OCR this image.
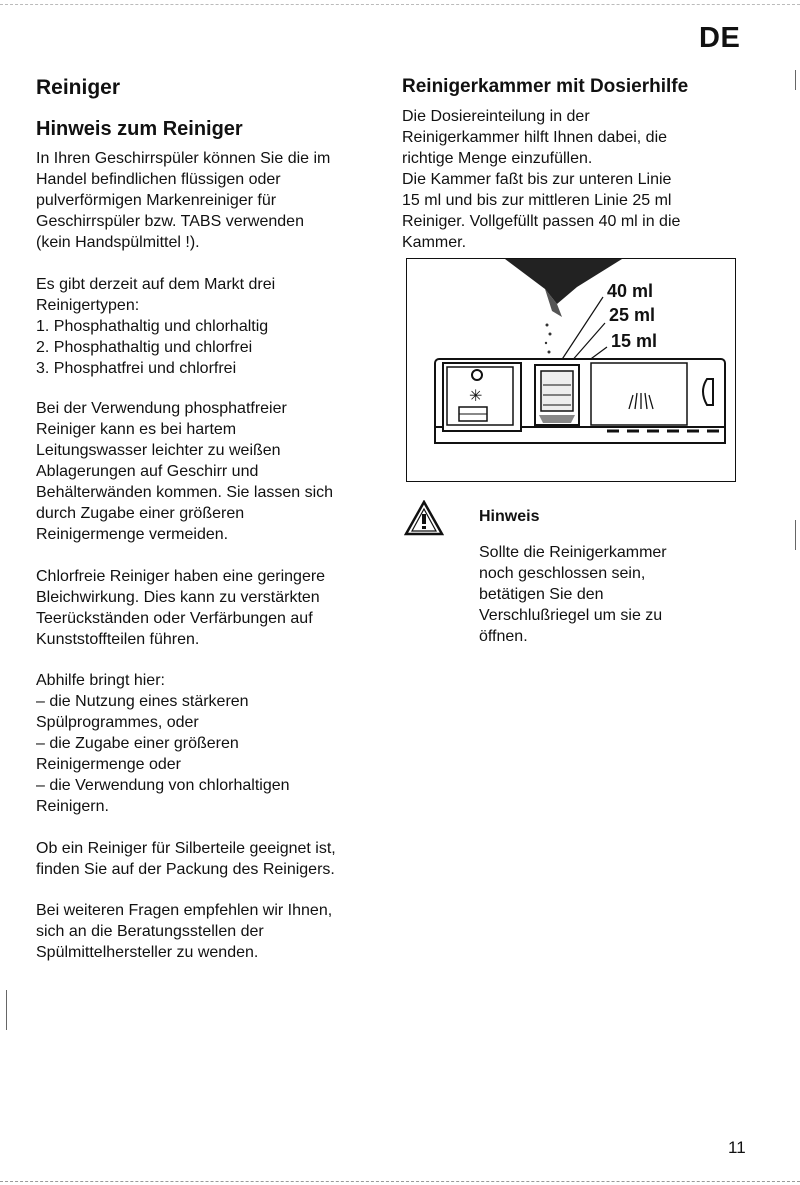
DE
Reiniger
Hinweis zum Reiniger
In Ihren Geschirrspüler können Sie die im
Handel befindlichen flüssigen oder
pulverförmigen Markenreiniger für
Geschirrspüler bzw. TABS verwenden
(kein Handspülmittel !).
Es gibt derzeit auf dem Markt drei
Reinigertypen:
1. Phosphathaltig und chlorhaltig
2. Phosphathaltig und chlorfrei
3. Phosphatfrei und chlorfrei
Bei der Verwendung phosphatfreier
Reiniger kann es bei hartem
Leitungswasser leichter zu weißen
Ablagerungen auf Geschirr und
Behälterwänden kommen. Sie lassen sich
durch Zugabe einer größeren
Reinigermenge vermeiden.
Chlorfreie Reiniger haben eine geringere
Bleichwirkung. Dies kann zu verstärkten
Teerückständen oder Verfärbungen auf
Kunststoffteilen führen.
Abhilfe bringt hier:
– die Nutzung eines stärkeren
Spülprogrammes, oder
– die Zugabe einer größeren
Reinigermenge oder
– die Verwendung von chlorhaltigen
Reinigern.
Ob ein Reiniger für Silberteile geeignet ist,
finden Sie auf der Packung des Reinigers.
Bei weiteren Fragen empfehlen wir Ihnen,
sich an die Beratungsstellen der
Spülmittelhersteller zu wenden.
Reinigerkammer mit Dosierhilfe
Die Dosiereinteilung in der
Reinigerkammer hilft Ihnen dabei, die
richtige Menge einzufüllen.
Die Kammer faßt bis zur unteren Linie
15 ml und bis zur mittleren Linie 25 ml
Reiniger. Vollgefüllt passen 40 ml in die
Kammer.
✳
40 ml
25 ml
15 ml
Hinweis
Sollte die Reinigerkammer
noch geschlossen sein,
betätigen Sie den
Verschlußriegel um sie zu
öffnen.
11
